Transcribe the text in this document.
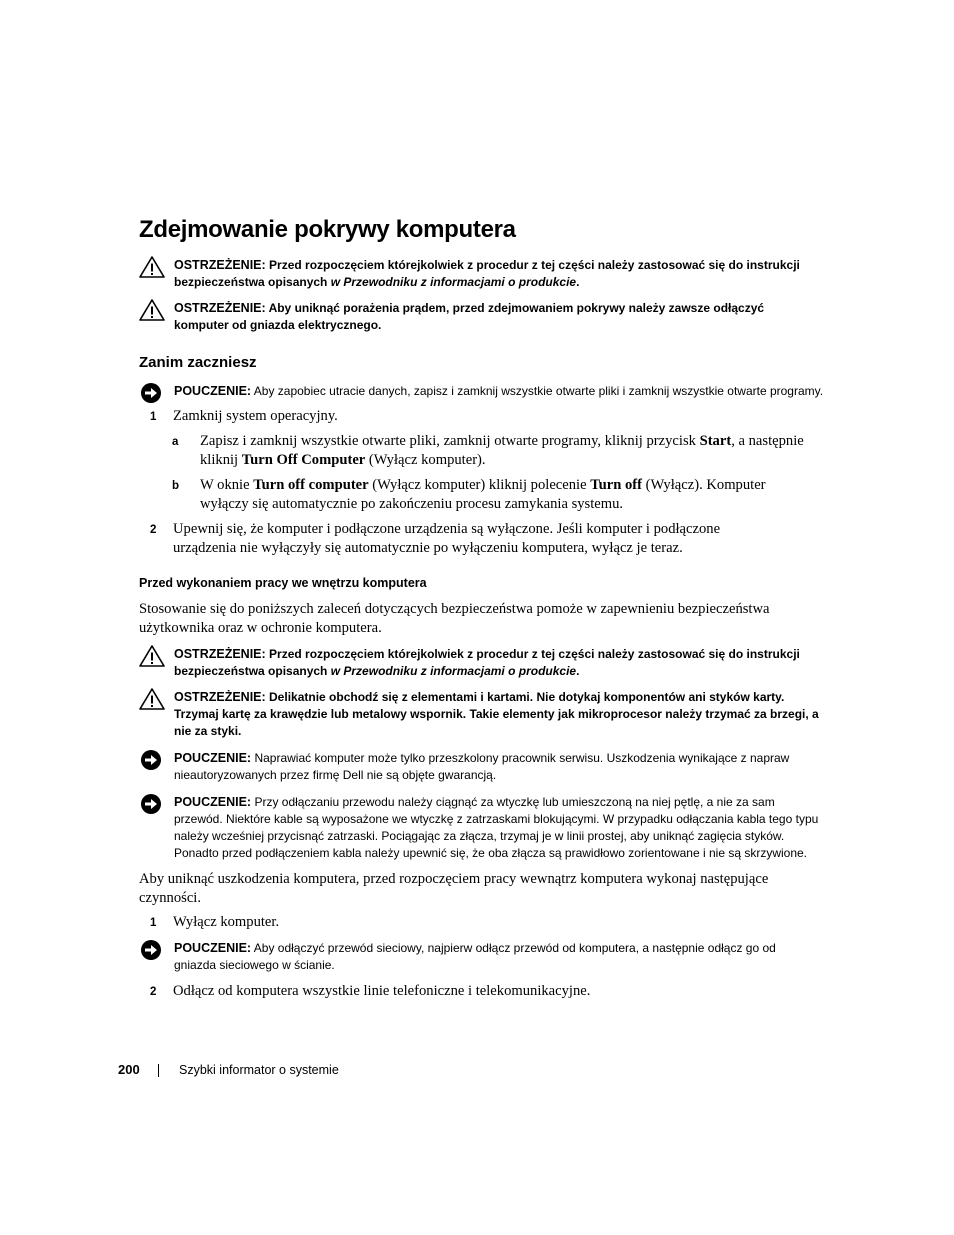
Zdejmowanie pokrywy komputera
OSTRZEŻENIE: Przed rozpoczęciem którejkolwiek z procedur z tej części należy zastosować się do instrukcji bezpieczeństwa opisanych w Przewodniku z informacjami o produkcie.
OSTRZEŻENIE: Aby uniknąć porażenia prądem, przed zdejmowaniem pokrywy należy zawsze odłączyć komputer od gniazda elektrycznego.
Zanim zaczniesz
POUCZENIE: Aby zapobiec utracie danych, zapisz i zamknij wszystkie otwarte pliki i zamknij wszystkie otwarte programy.
1 Zamknij system operacyjny.
a Zapisz i zamknij wszystkie otwarte pliki, zamknij otwarte programy, kliknij przycisk Start, a następnie kliknij Turn Off Computer (Wyłącz komputer).
b W oknie Turn off computer (Wyłącz komputer) kliknij polecenie Turn off (Wyłącz). Komputer wyłączy się automatycznie po zakończeniu procesu zamykania systemu.
2 Upewnij się, że komputer i podłączone urządzenia są wyłączone. Jeśli komputer i podłączone urządzenia nie wyłączyły się automatycznie po wyłączeniu komputera, wyłącz je teraz.
Przed wykonaniem pracy we wnętrzu komputera
Stosowanie się do poniższych zaleceń dotyczących bezpieczeństwa pomoże w zapewnieniu bezpieczeństwa użytkownika oraz w ochronie komputera.
OSTRZEŻENIE: Przed rozpoczęciem którejkolwiek z procedur z tej części należy zastosować się do instrukcji bezpieczeństwa opisanych w Przewodniku z informacjami o produkcie.
OSTRZEŻENIE: Delikatnie obchodź się z elementami i kartami. Nie dotykaj komponentów ani styków karty. Trzymaj kartę za krawędzie lub metalowy wspornik. Takie elementy jak mikroprocesor należy trzymać za brzegi, a nie za styki.
POUCZENIE: Naprawiać komputer może tylko przeszkolony pracownik serwisu. Uszkodzenia wynikające z napraw nieautoryzowanych przez firmę Dell nie są objęte gwarancją.
POUCZENIE: Przy odłączaniu przewodu należy ciągnąć za wtyczkę lub umieszczoną na niej pętlę, a nie za sam przewód. Niektóre kable są wyposażone we wtyczkę z zatrzaskami blokującymi. W przypadku odłączania kabla tego typu należy wcześniej przycisnąć zatrzaski. Pociągając za złącza, trzymaj je w linii prostej, aby uniknąć zagięcia styków. Ponadto przed podłączeniem kabla należy upewnić się, że oba złącza są prawidłowo zorientowane i nie są skrzywione.
Aby uniknąć uszkodzenia komputera, przed rozpoczęciem pracy wewnątrz komputera wykonaj następujące czynności.
1 Wyłącz komputer.
POUCZENIE: Aby odłączyć przewód sieciowy, najpierw odłącz przewód od komputera, a następnie odłącz go od gniazda sieciowego w ścianie.
2 Odłącz od komputera wszystkie linie telefoniczne i telekomunikacyjne.
200	Szybki informator o systemie
